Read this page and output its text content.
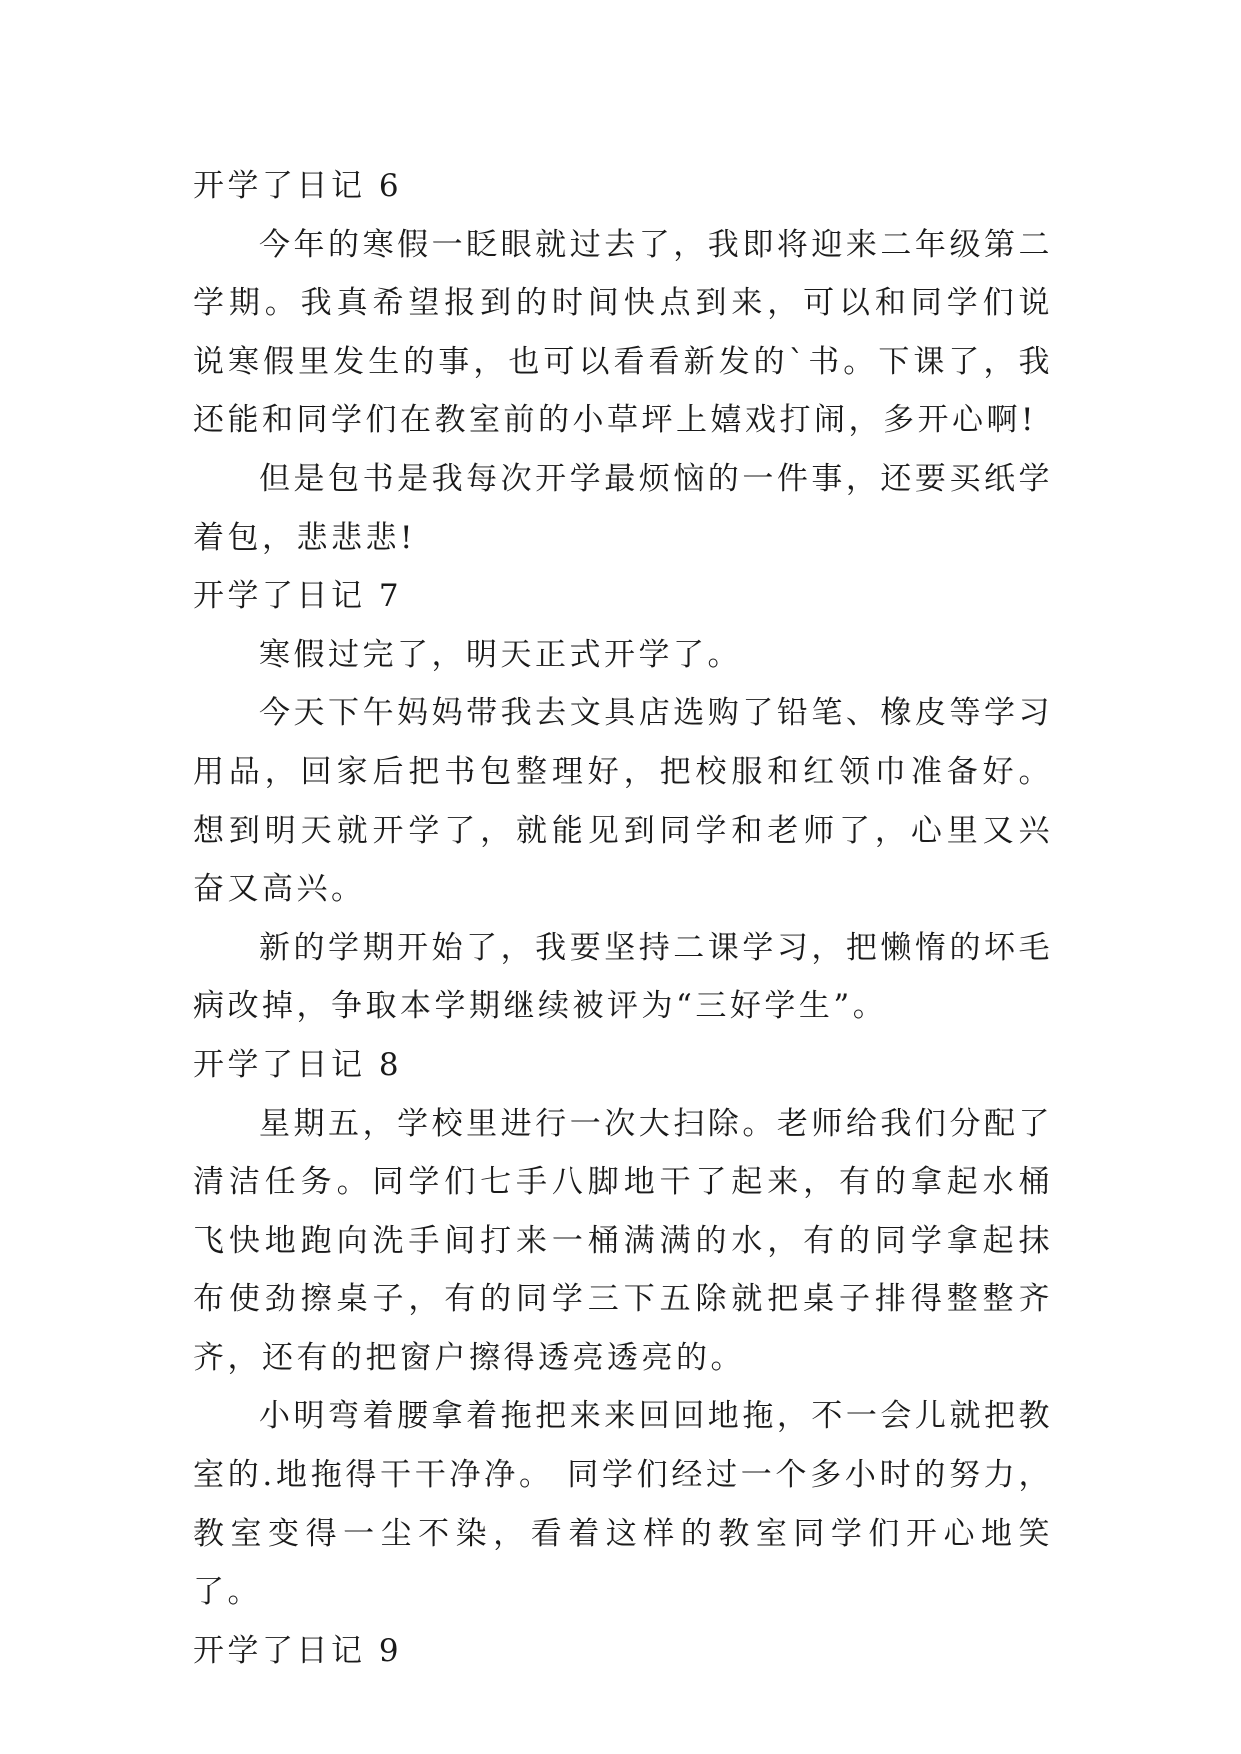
开学了日记 6

今年的寒假一眨眼就过去了，我即将迎来二年级第二学期。我真希望报到的时间快点到来，可以和同学们说说寒假里发生的事，也可以看看新发的`书。下课了，我还能和同学们在教室前的小草坪上嬉戏打闹，多开心啊!

但是包书是我每次开学最烦恼的一件事，还要买纸学着包，悲悲悲!

开学了日记 7

寒假过完了，明天正式开学了。

今天下午妈妈带我去文具店选购了铅笔、橡皮等学习用品，回家后把书包整理好，把校服和红领巾准备好。想到明天就开学了，就能见到同学和老师了，心里又兴奋又高兴。

新的学期开始了，我要坚持二课学习，把懒惰的坏毛病改掉，争取本学期继续被评为“三好学生”。

开学了日记 8

星期五，学校里进行一次大扫除。老师给我们分配了清洁任务。同学们七手八脚地干了起来，有的拿起水桶飞快地跑向洗手间打来一桶满满的水，有的同学拿起抹布使劲擦桌子，有的同学三下五除就把桌子排得整整齐齐，还有的把窗户擦得透亮透亮的。

小明弯着腰拿着拖把来来回回地拖，不一会儿就把教室的.地拖得干干净净。 同学们经过一个多小时的努力，教室变得一尘不染，看着这样的教室同学们开心地笑了。

开学了日记 9
